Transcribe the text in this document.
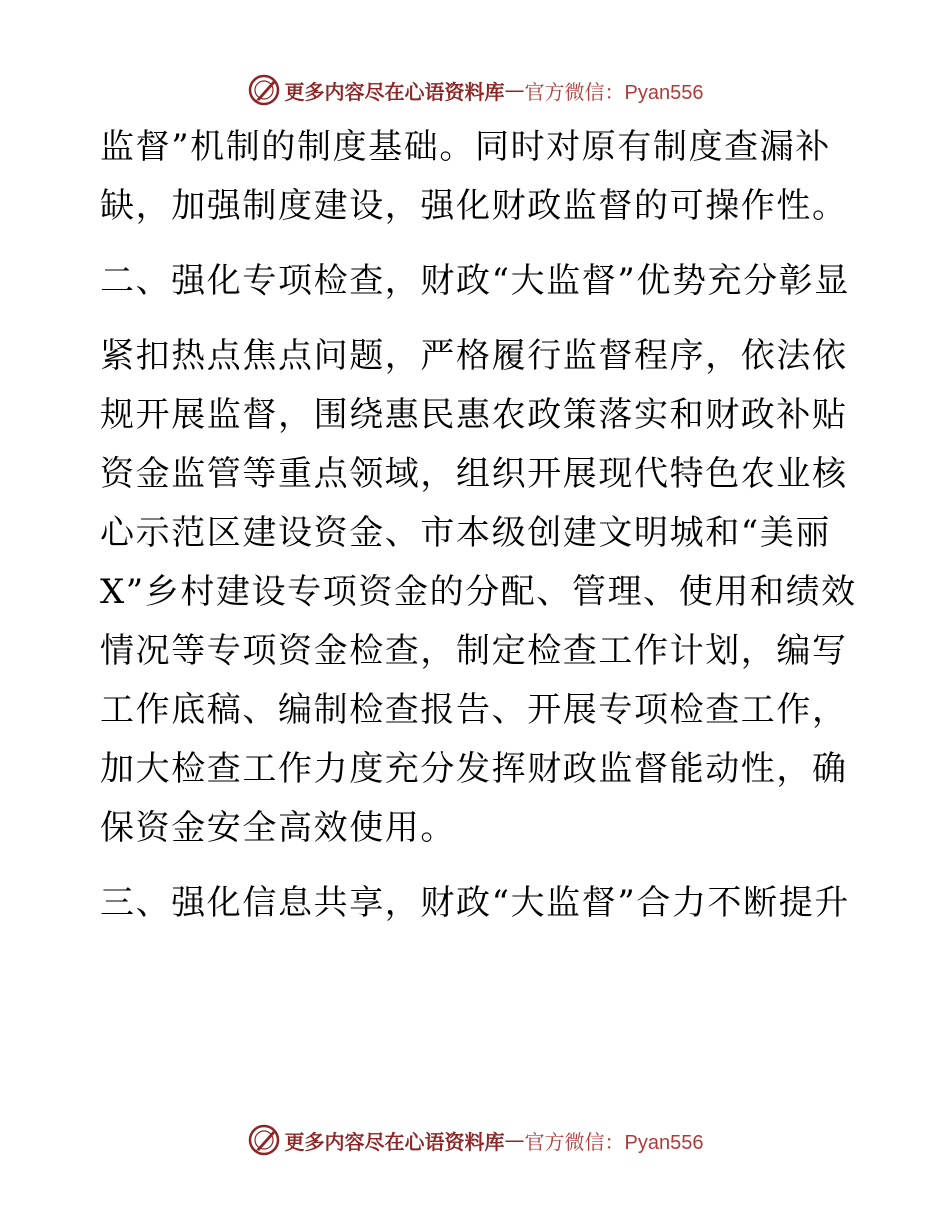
更多内容尽在心语资料库 — 官方微信：Pyan556

监督”机制的制度基础。同时对原有制度查漏补缺，加强制度建设，强化财政监督的可操作性。

二、强化专项检查，财政“大监督”优势充分彰显

紧扣热点焦点问题，严格履行监督程序，依法依规开展监督，围绕惠民惠农政策落实和财政补贴资金监管等重点领域，组织开展现代特色农业核心示范区建设资金、市本级创建文明城和“美丽X”乡村建设专项资金的分配、管理、使用和绩效情况等专项资金检查，制定检查工作计划，编写工作底稿、编制检查报告、开展专项检查工作，加大检查工作力度充分发挥财政监督能动性，确保资金安全高效使用。

三、强化信息共享，财政“大监督”合力不断提升

更多内容尽在心语资料库 — 官方微信：Pyan556
